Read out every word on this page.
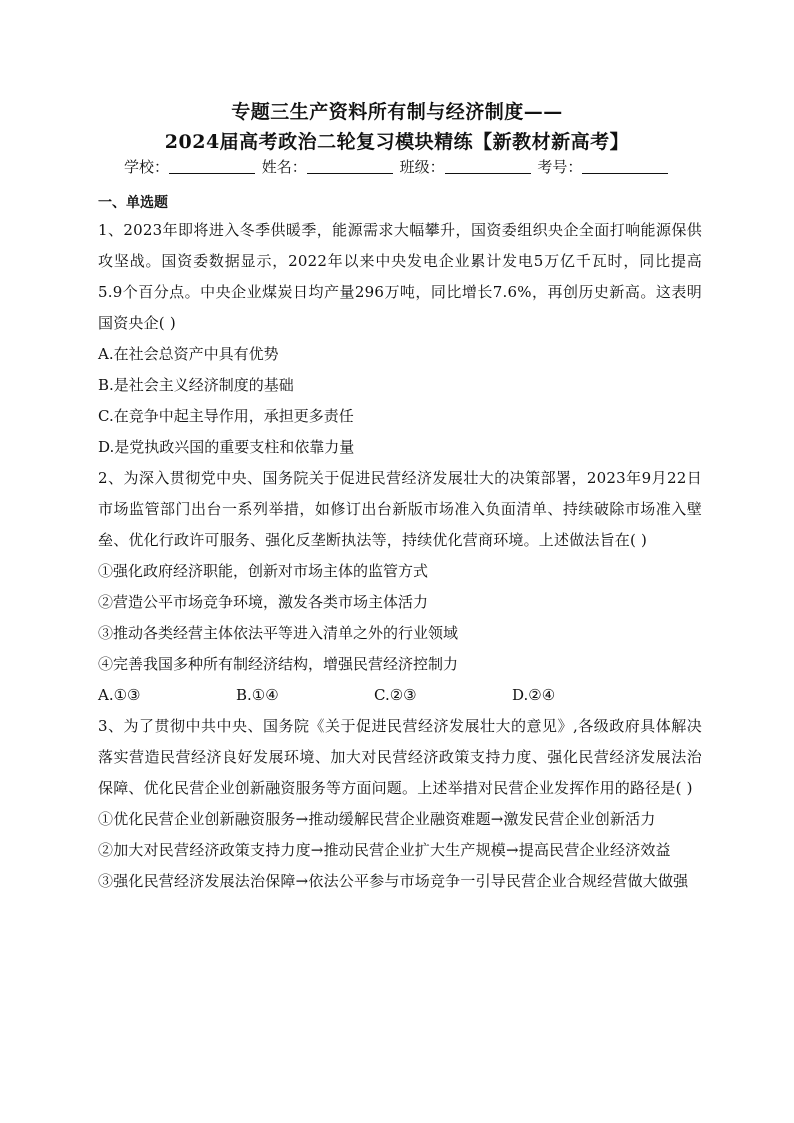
专题三生产资料所有制与经济制度——
2024届高考政治二轮复习模块精练【新教材新高考】
学校：	姓名：	班级：	考号：
一、单选题
1、2023年即将进入冬季供暖季，能源需求大幅攀升，国资委组织央企全面打响能源保供攻坚战。国资委数据显示，2022年以来中央发电企业累计发电5万亿千瓦时，同比提高5.9个百分点。中央企业煤炭日均产量296万吨，同比增长7.6%，再创历史新高。这表明国资央企( )
A.在社会总资产中具有优势
B.是社会主义经济制度的基础
C.在竞争中起主导作用，承担更多责任
D.是党执政兴国的重要支柱和依靠力量
2、为深入贯彻党中央、国务院关于促进民营经济发展壮大的决策部署，2023年9月22日市场监管部门出台一系列举措，如修订出台新版市场准入负面清单、持续破除市场准入壁垒、优化行政许可服务、强化反垄断执法等，持续优化营商环境。上述做法旨在( )
①强化政府经济职能，创新对市场主体的监管方式
②营造公平市场竞争环境，激发各类市场主体活力
③推动各类经营主体依法平等进入清单之外的行业领域
④完善我国多种所有制经济结构，增强民营经济控制力
A.①③	B.①④	C.②③	D.②④
3、为了贯彻中共中央、国务院《关于促进民营经济发展壮大的意见》,各级政府具体解决落实营造民营经济良好发展环境、加大对民营经济政策支持力度、强化民营经济发展法治保障、优化民营企业创新融资服务等方面问题。上述举措对民营企业发挥作用的路径是( )
①优化民营企业创新融资服务→推动缓解民营企业融资难题→激发民营企业创新活力
②加大对民营经济政策支持力度→推动民营企业扩大生产规模→提高民营企业经济效益
③强化民营经济发展法治保障→依法公平参与市场竞争一引导民营企业合规经营做大做强
